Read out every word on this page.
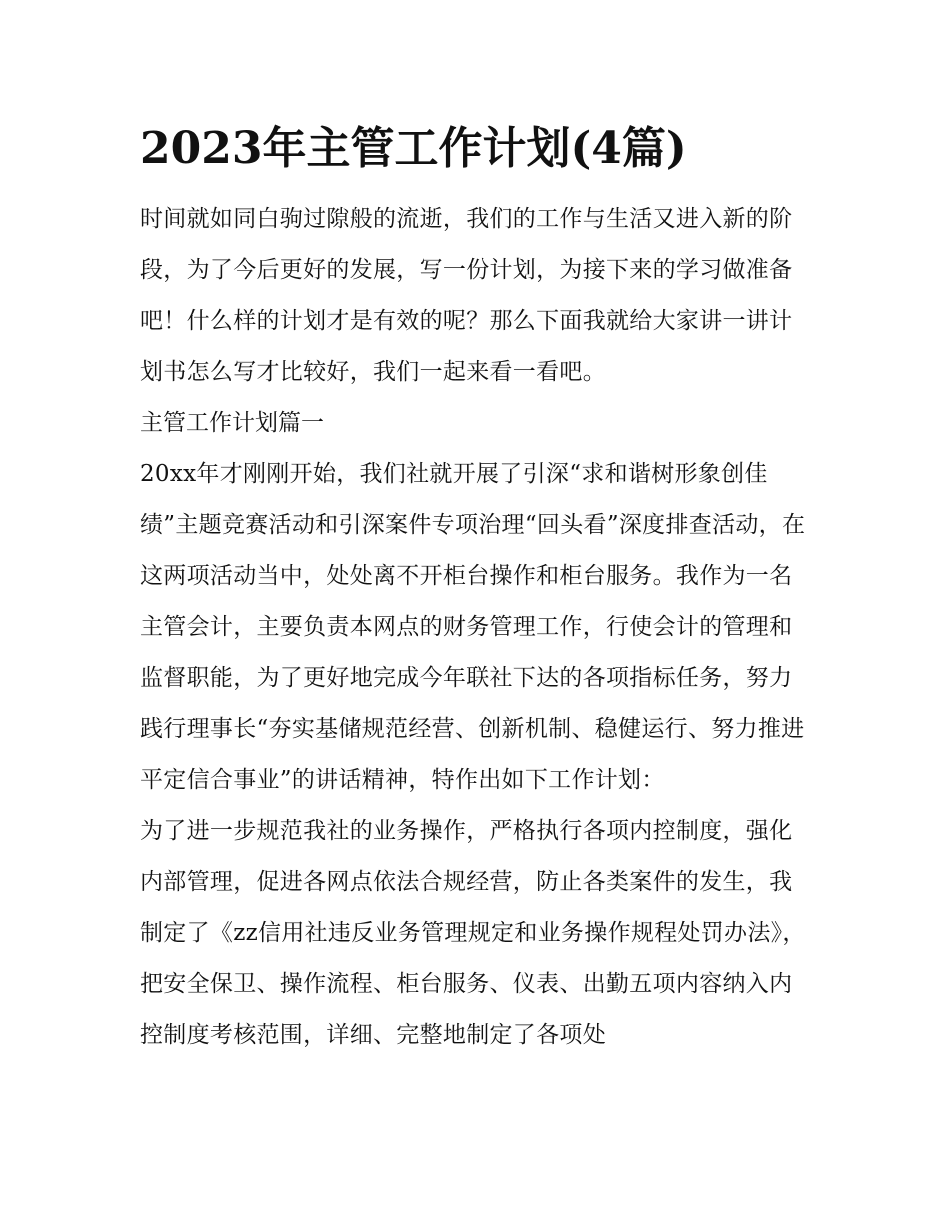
2023年主管工作计划(4篇)

时间就如同白驹过隙般的流逝，我们的工作与生活又进入新的阶段，为了今后更好的发展，写一份计划，为接下来的学习做准备吧！什么样的计划才是有效的呢？那么下面我就给大家讲一讲计划书怎么写才比较好，我们一起来看一看吧。

主管工作计划篇一

20xx年才刚刚开始，我们社就开展了引深“求和谐树形象创佳绩”主题竞赛活动和引深案件专项治理“回头看”深度排查活动，在这两项活动当中，处处离不开柜台操作和柜台服务。我作为一名主管会计，主要负责本网点的财务管理工作，行使会计的管理和监督职能，为了更好地完成今年联社下达的各项指标任务，努力践行理事长“夯实基储规范经营、创新机制、稳健运行、努力推进平定信合事业”的讲话精神，特作出如下工作计划：

为了进一步规范我社的业务操作，严格执行各项内控制度，强化内部管理，促进各网点依法合规经营，防止各类案件的发生，我制定了《zz信用社违反业务管理规定和业务操作规程处罚办法》，把安全保卫、操作流程、柜台服务、仪表、出勤五项内容纳入内控制度考核范围，详细、完整地制定了各项处
